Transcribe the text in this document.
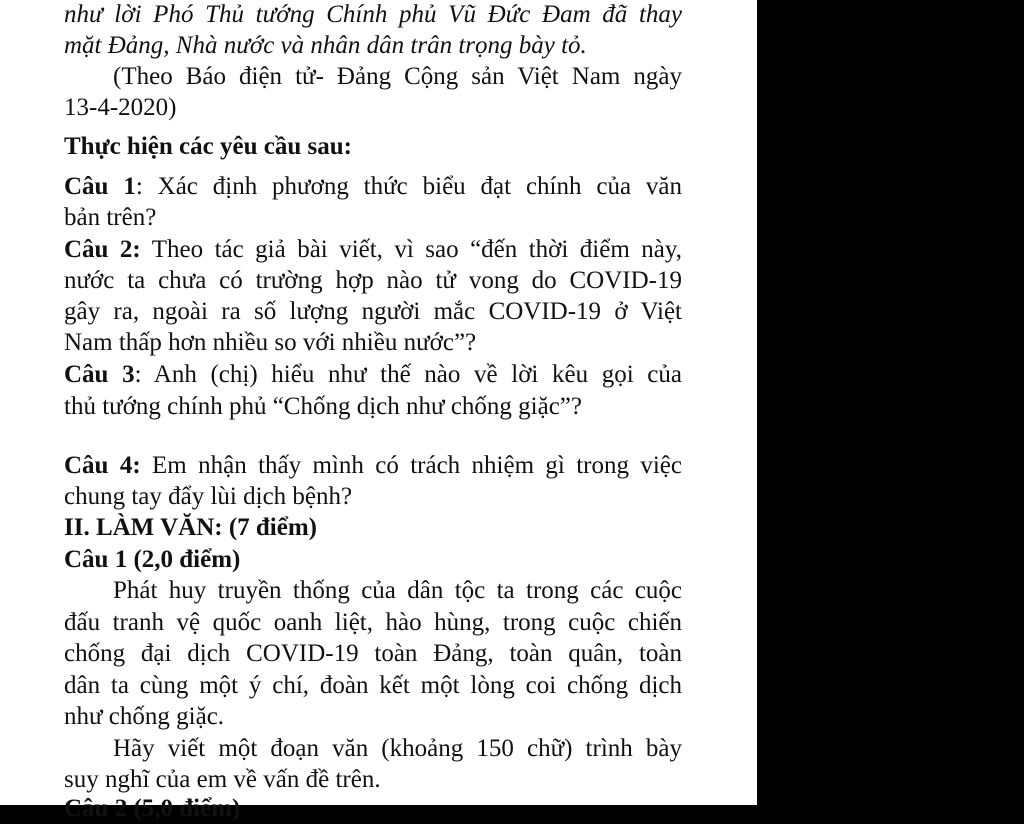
như lời Phó Thủ tướng Chính phủ Vũ Đức Đam đã thay
mặt Đảng, Nhà nước và nhân dân trân trọng bày tỏ.
(Theo Báo điện tử- Đảng Cộng sản Việt Nam ngày
13-4-2020)
Thực hiện các yêu cầu sau:
Câu 1: Xác định phương thức biểu đạt chính của văn
bản trên?
Câu 2: Theo tác giả bài viết, vì sao “đến thời điểm này,
nước ta chưa có trường hợp nào tử vong do COVID-19
gây ra, ngoài ra số lượng người mắc COVID-19 ở Việt
Nam thấp hơn nhiều so với nhiều nước”?
Câu 3: Anh (chị) hiểu như thế nào về lời kêu gọi của
thủ tướng chính phủ “Chống dịch như chống giặc”?
Câu 4: Em nhận thấy mình có trách nhiệm gì trong việc
chung tay đẩy lùi dịch bệnh?
II. LÀM VĂN: (7 điểm)
Câu 1 (2,0 điểm)
Phát huy truyền thống của dân tộc ta trong các cuộc
đấu tranh vệ quốc oanh liệt, hào hùng, trong cuộc chiến
chống đại dịch COVID-19 toàn Đảng, toàn quân, toàn
dân ta cùng một ý chí, đoàn kết một lòng coi chống dịch
như chống giặc.
Hãy viết một đoạn văn (khoảng 150 chữ) trình bày
suy nghĩ của em về vấn đề trên.
Câu 2 (5,0 điểm)
